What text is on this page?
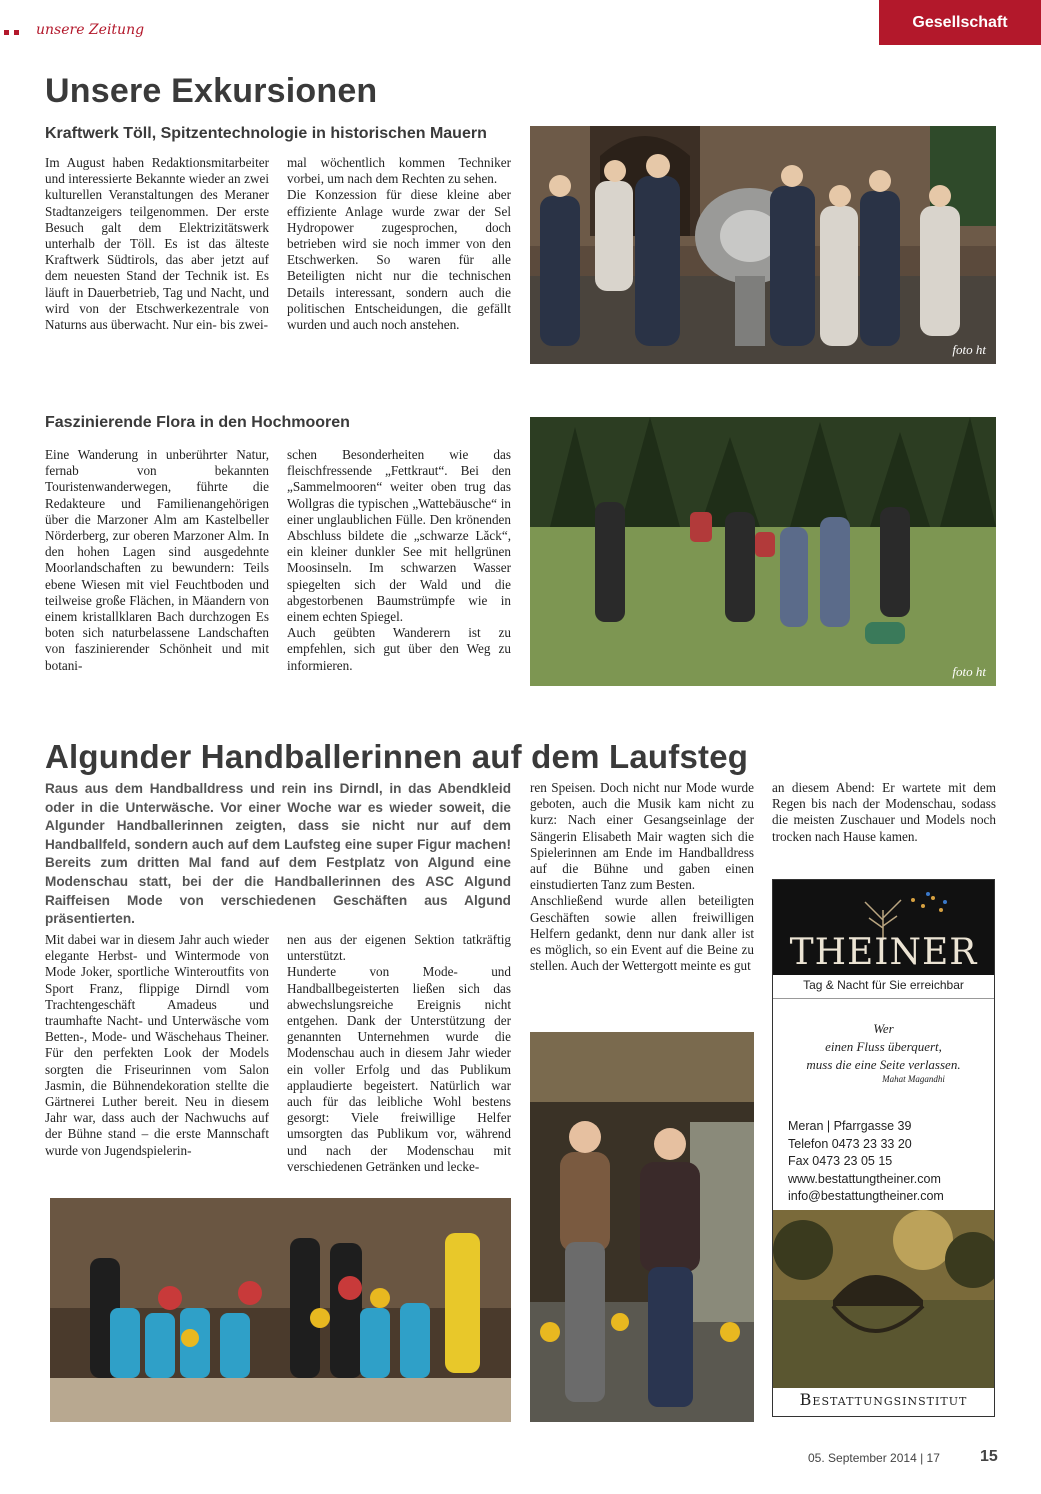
unsere Zeitung	Gesellschaft
Unsere Exkursionen
Kraftwerk Töll, Spitzentechnologie in historischen Mauern

Im August haben Redaktionsmitarbeiter und interessierte Bekannte wieder an zwei kulturellen Veranstaltungen des Meraner Stadtanzeigers teilgenommen. Der erste Besuch galt dem Elektrizitätswerk unterhalb der Töll. Es ist das älteste Kraftwerk Südtirols, das aber jetzt auf dem neuesten Stand der Technik ist. Es läuft in Dauerbetrieb, Tag und Nacht, und wird von der Etschwerkezentrale von Naturns aus überwacht. Nur ein- bis zwei-

mal wöchentlich kommen Techniker vorbei, um nach dem Rechten zu sehen.

Die Konzession für diese kleine aber effiziente Anlage wurde zwar der Sel Hydropower zugesprochen, doch betrieben wird sie noch immer von den Etschwerken. So waren für alle Beteiligten nicht nur die technischen Details interessant, sondern auch die politischen Entscheidungen, die gefällt wurden und auch noch anstehen.

foto ht
Faszinierende Flora in den Hochmooren

Eine Wanderung in unberührter Natur, fernab von bekannten Touristenwanderwegen, führte die Redakteure und Familienangehörigen über die Marzoner Alm am Kastelbeller Nörderberg, zur oberen Marzoner Alm. In den hohen Lagen sind ausgedehnte Moorlandschaften zu bewundern: Teils ebene Wiesen mit viel Feuchtboden und teilweise große Flächen, in Mäandern von einem kristallklaren Bach durchzogen Es boten sich naturbelassene Landschaften von faszinierender Schönheit und mit botani-

schen Besonderheiten wie das fleischfressende „Fettkraut“. Bei den „Sammelmooren“ weiter oben trug das Wollgras die typischen „Wattebäusche“ in einer unglaublichen Fülle. Den krönenden Abschluss bildete die „schwarze Lăck“, ein kleiner dunkler See mit hellgrünen Moosinseln. Im schwarzen Wasser spiegelten sich der Wald und die abgestorbenen Baumstrümpfe wie in einem echten Spiegel.

Auch geübten Wanderern ist zu empfehlen, sich gut über den Weg zu informieren.	foto ht
Algunder Handballerinnen auf dem Laufsteg
Raus aus dem Handballdress und rein ins Dirndl, in das Abendkleid oder in die Unterwäsche. Vor einer Woche war es wieder soweit, die Algunder Handballerinnen zeigten, dass sie nicht nur auf dem Handballfeld, sondern auch auf dem Laufsteg eine super Figur machen! Bereits zum dritten Mal fand auf dem Festplatz von Algund eine Modenschau statt, bei der die Handballerinnen des ASC Algund Raiffeisen Mode von verschiedenen Geschäften aus Algund präsentierten.

Mit dabei war in diesem Jahr auch wieder elegante Herbst- und Wintermode von Mode Joker, sportliche Winteroutfits von Sport Franz, flippige Dirndl vom Trachtengeschäft Amadeus und traumhafte Nacht- und Unterwäsche vom Betten-, Mode- und Wäschehaus Theiner. Für den perfekten Look der Models sorgten die Friseurinnen vom Salon Jasmin, die Bühnendekoration stellte die Gärtnerei Luther bereit. Neu in diesem Jahr war, dass auch der Nachwuchs auf der Bühne stand – die erste Mannschaft wurde von Jugendspielerin-

nen aus der eigenen Sektion tatkräftig unterstützt.

Hunderte von Mode- und Handballbegeisterten ließen sich das abwechslungsreiche Ereignis nicht entgehen. Dank der Unterstützung der genannten Unternehmen wurde die Modenschau auch in diesem Jahr wieder ein voller Erfolg und das Publikum applaudierte begeistert. Natürlich war auch für das leibliche Wohl bestens gesorgt: Viele freiwillige Helfer umsorgten das Publikum vor, während und nach der Modenschau mit verschiedenen Getränken und lecke-

ren Speisen. Doch nicht nur Mode wurde geboten, auch die Musik kam nicht zu kurz: Nach einer Gesangseinlage der Sängerin Elisabeth Mair wagten sich die Spielerinnen am Ende im Handballdress auf die Bühne und gaben einen einstudierten Tanz zum Besten.

Anschließend wurde allen beteiligten Geschäften sowie allen freiwilligen Helfern gedankt, denn nur dank aller ist es möglich, so ein Event auf die Beine zu stellen. Auch der Wettergott meinte es gut

an diesem Abend: Er wartete mit dem Regen bis nach der Modenschau, sodass die meisten Zuschauer und Models noch trocken nach Hause kamen.

THEINER
Tag & Nacht für Sie erreichbar
Wer
einen Fluss überquert,
muss die eine Seite verlassen.
Mahat Magandhi
Meran | Pfarrgasse 39
Telefon 0473 23 33 20
Fax 0473 23 05 15
www.bestattungtheiner.com
info@bestattungtheiner.com
Bestattungsinstitut
05. September 2014 | 17	15
